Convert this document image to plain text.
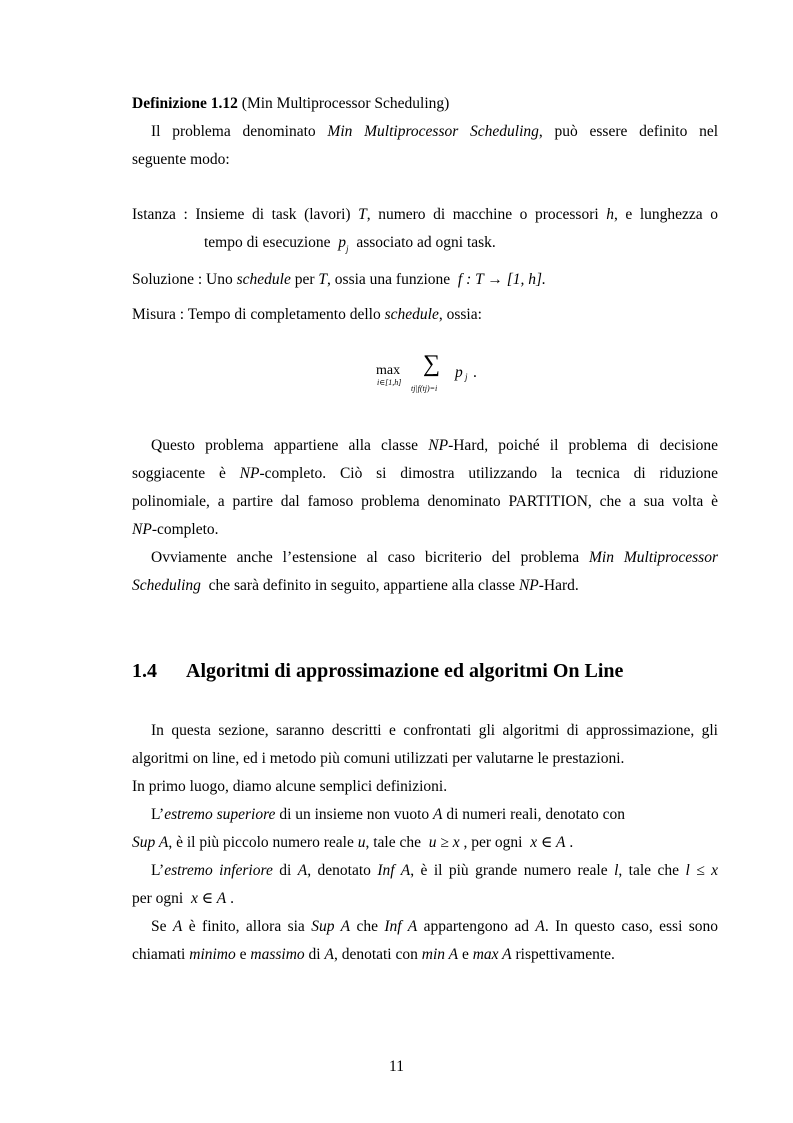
Definizione 1.12 (Min Multiprocessor Scheduling)
Il problema denominato Min Multiprocessor Scheduling, può essere definito nel
seguente modo:
Istanza : Insieme di task (lavori) T, numero di macchine o processori h, e lunghezza o
tempo di esecuzione $p_j$ associato ad ogni task.
Soluzione : Uno schedule per T, ossia una funzione f : T → [1, h].
Misura : Tempo di completamento dello schedule, ossia:
max
i∈[1,h]
∑
tj|f(tj)=i
p j .
Questo problema appartiene alla classe NP-Hard, poiché il problema di decisione
soggiacente è NP-completo. Ciò si dimostra utilizzando la tecnica di riduzione
polinomiale, a partire dal famoso problema denominato PARTITION, che a sua volta è
NP-completo.
Ovviamente anche l’estensione al caso bicriterio del problema Min Multiprocessor
Scheduling che sarà definito in seguito, appartiene alla classe NP-Hard.
1.4 Algoritmi di approssimazione ed algoritmi On Line
In questa sezione, saranno descritti e confrontati gli algoritmi di approssimazione, gli
algoritmi on line, ed i metodo più comuni utilizzati per valutarne le prestazioni.
In primo luogo, diamo alcune semplici definizioni.
L’estremo superiore di un insieme non vuoto A di numeri reali, denotato con
Sup A, è il più piccolo numero reale u, tale che u ≥ x , per ogni x ∈ A .
L’estremo inferiore di A, denotato Inf A, è il più grande numero reale l, tale che l ≤ x
per ogni x ∈ A .
Se A è finito, allora sia Sup A che Inf A appartengono ad A. In questo caso, essi sono
chiamati minimo e massimo di A, denotati con min A e max A rispettivamente.
11
